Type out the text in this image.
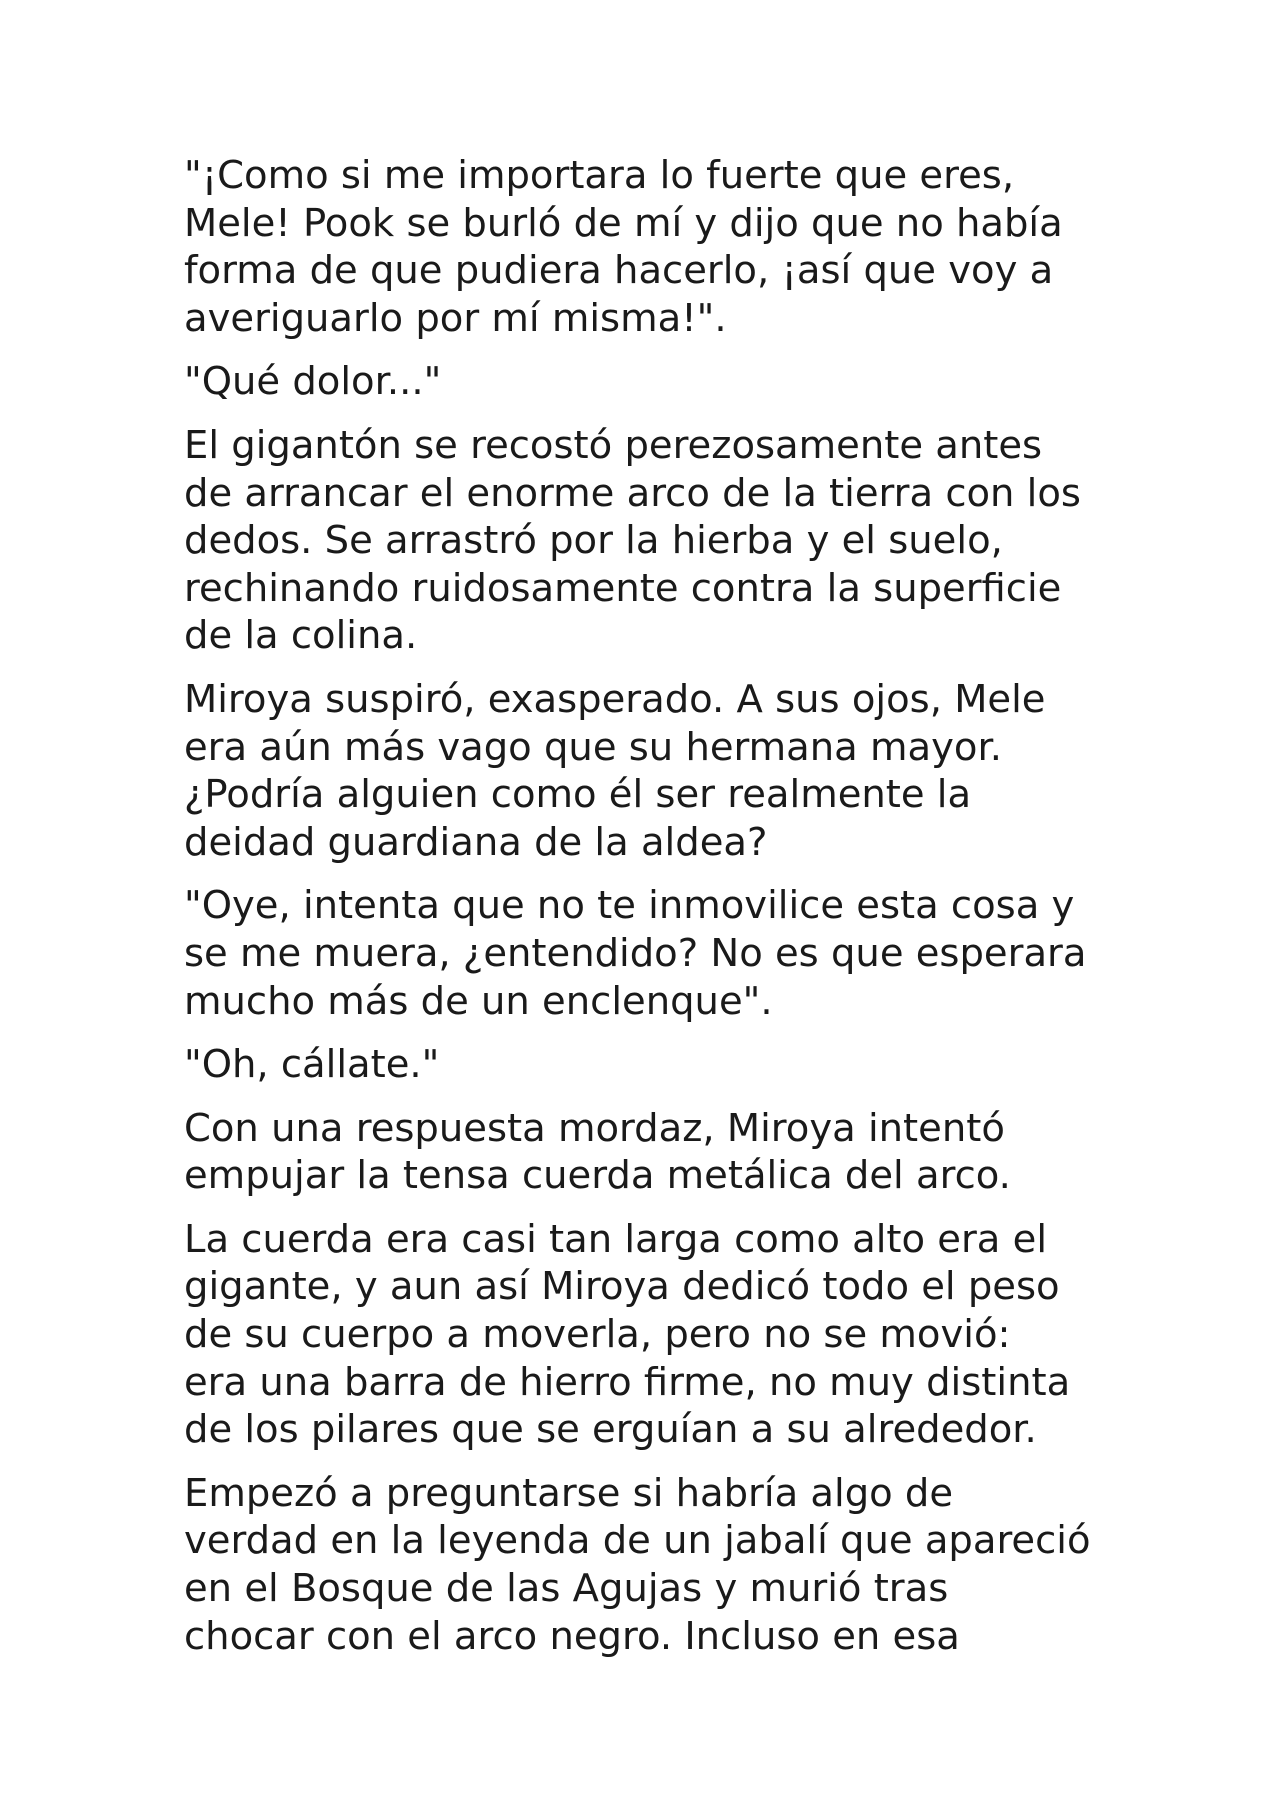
"¡Como si me importara lo fuerte que eres,
Mele! Pook se burló de mí y dijo que no había
forma de que pudiera hacerlo, ¡así que voy a
averiguarlo por mí misma!".

"Qué dolor..."

El gigantón se recostó perezosamente antes
de arrancar el enorme arco de la tierra con los
dedos. Se arrastró por la hierba y el suelo,
rechinando ruidosamente contra la superficie
de la colina.

Miroya suspiró, exasperado. A sus ojos, Mele
era aún más vago que su hermana mayor.
¿Podría alguien como él ser realmente la
deidad guardiana de la aldea?

"Oye, intenta que no te inmovilice esta cosa y
se me muera, ¿entendido? No es que esperara
mucho más de un enclenque".

"Oh, cállate."

Con una respuesta mordaz, Miroya intentó
empujar la tensa cuerda metálica del arco.

La cuerda era casi tan larga como alto era el
gigante, y aun así Miroya dedicó todo el peso
de su cuerpo a moverla, pero no se movió:
era una barra de hierro firme, no muy distinta
de los pilares que se erguían a su alrededor.

Empezó a preguntarse si habría algo de
verdad en la leyenda de un jabalí que apareció
en el Bosque de las Agujas y murió tras
chocar con el arco negro. Incluso en esa
